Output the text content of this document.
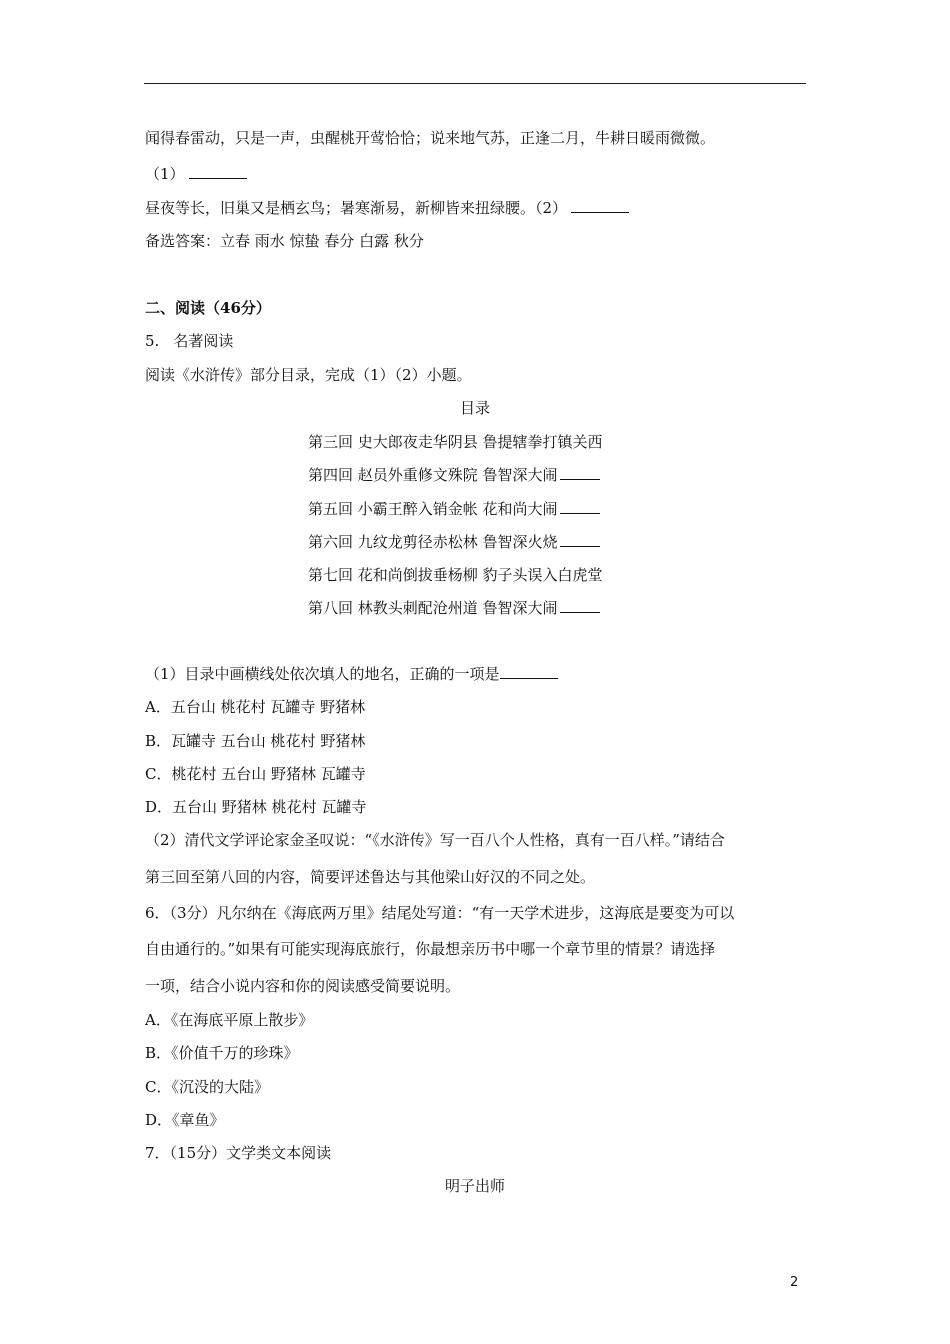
闻得春雷动，只是一声，虫醒桃开莺恰恰；说来地气苏，正逢二月，牛耕日暖雨微微。
（1）
昼夜等长，旧巢又是栖玄鸟；暑寒渐易，新柳皆来扭绿腰。（2）
备选答案：立春 雨水 惊蛰 春分 白露 秋分
二、阅读（46分）
5. 名著阅读
阅读《水浒传》部分目录，完成（1）（2）小题。
目录
第三回 史大郎夜走华阴县 鲁提辖拳打镇关西
第四回 赵员外重修文殊院 鲁智深大闹
第五回 小霸王醉入销金帐 花和尚大闹
第六回 九纹龙剪径赤松林 鲁智深火烧
第七回 花和尚倒拔垂杨柳 豹子头误入白虎堂
第八回 林教头刺配沧州道 鲁智深大闹
（1）目录中画横线处依次填人的地名，正确的一项是
A．五台山 桃花村 瓦罐寺 野猪林
B．瓦罐寺 五台山 桃花村 野猪林
C．桃花村 五台山 野猪林 瓦罐寺
D．五台山 野猪林 桃花村 瓦罐寺
（2）清代文学评论家金圣叹说：“《水浒传》写一百八个人性格，真有一百八样。”请结合
第三回至第八回的内容，简要评述鲁达与其他梁山好汉的不同之处。
6．（3分）凡尔纳在《海底两万里》结尾处写道：“有一天学术进步，这海底是要变为可以
自由通行的。”如果有可能实现海底旅行，你最想亲历书中哪一个章节里的情景？请选择
一项，结合小说内容和你的阅读感受简要说明。
A．《在海底平原上散步》
B．《价值千万的珍珠》
C．《沉没的大陆》
D．《章鱼》
7．（15分）文学类文本阅读
明子出师
2
